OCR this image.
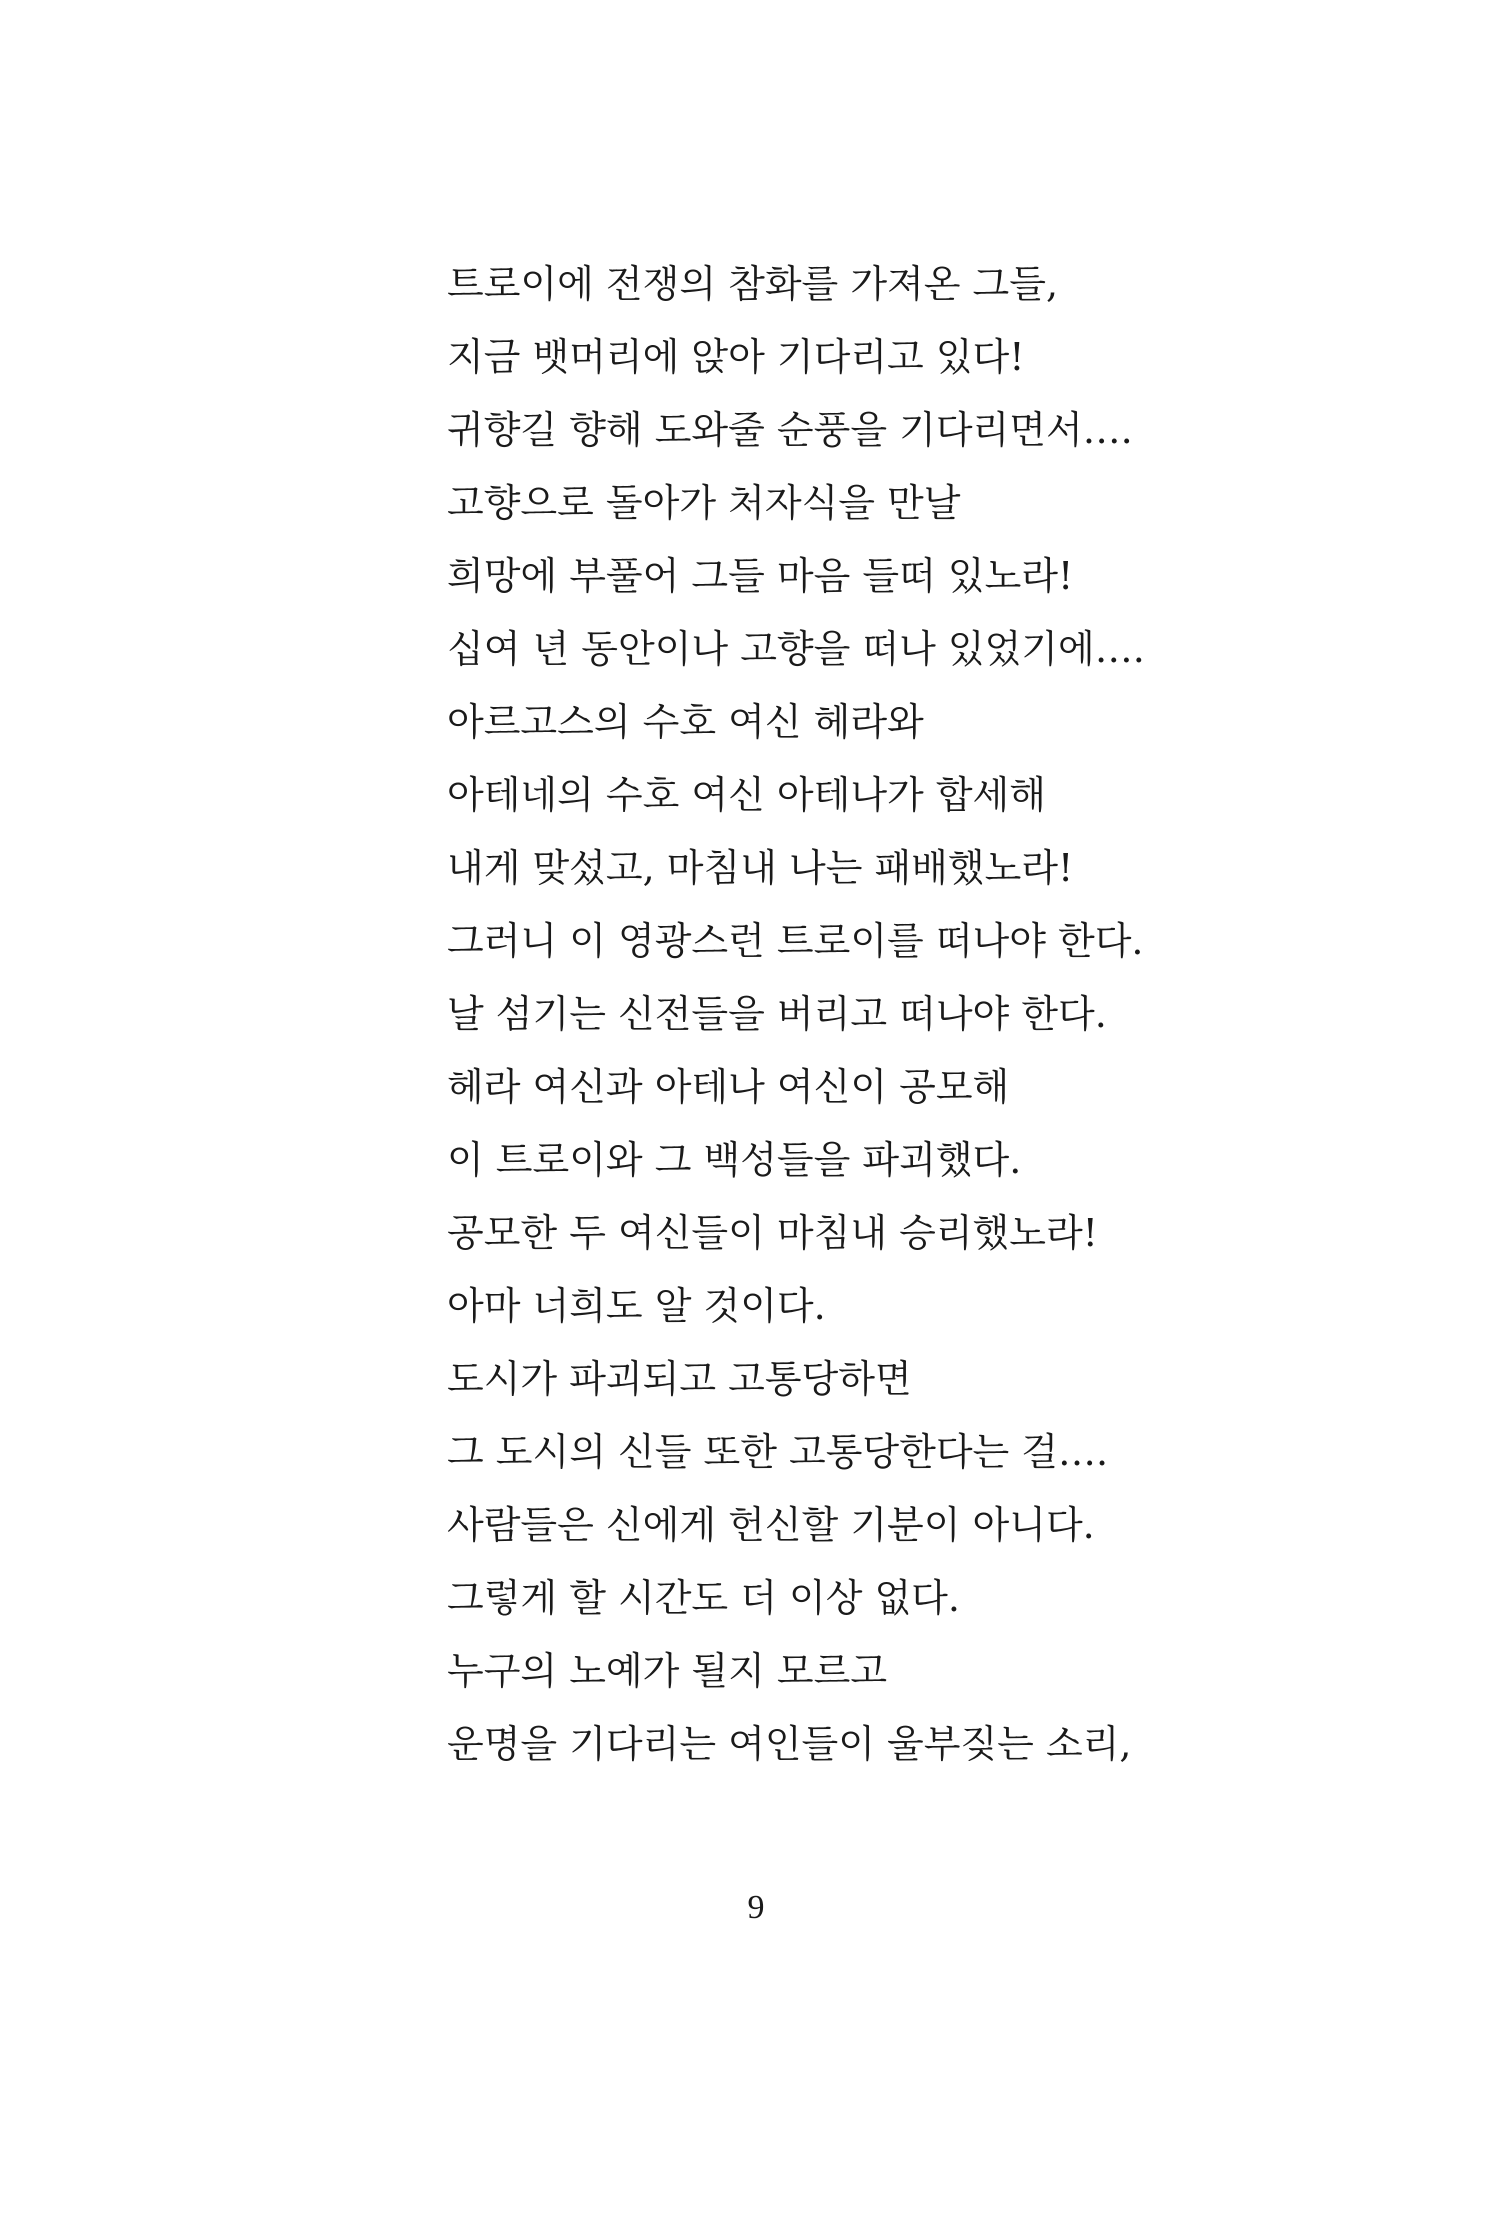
트로이에 전쟁의 참화를 가져온 그들,
지금 뱃머리에 앉아 기다리고 있다!
귀향길 향해 도와줄 순풍을 기다리면서….
고향으로 돌아가 처자식을 만날
희망에 부풀어 그들 마음 들떠 있노라!
십여 년 동안이나 고향을 떠나 있었기에….
아르고스의 수호 여신 헤라와
아테네의 수호 여신 아테나가 합세해
내게 맞섰고, 마침내 나는 패배했노라!
그러니 이 영광스런 트로이를 떠나야 한다.
날 섬기는 신전들을 버리고 떠나야 한다.
헤라 여신과 아테나 여신이 공모해
이 트로이와 그 백성들을 파괴했다.
공모한 두 여신들이 마침내 승리했노라!
아마 너희도 알 것이다.
도시가 파괴되고 고통당하면
그 도시의 신들 또한 고통당한다는 걸….
사람들은 신에게 헌신할 기분이 아니다.
그렇게 할 시간도 더 이상 없다.
누구의 노예가 될지 모르고
운명을 기다리는 여인들이 울부짖는 소리,
9
